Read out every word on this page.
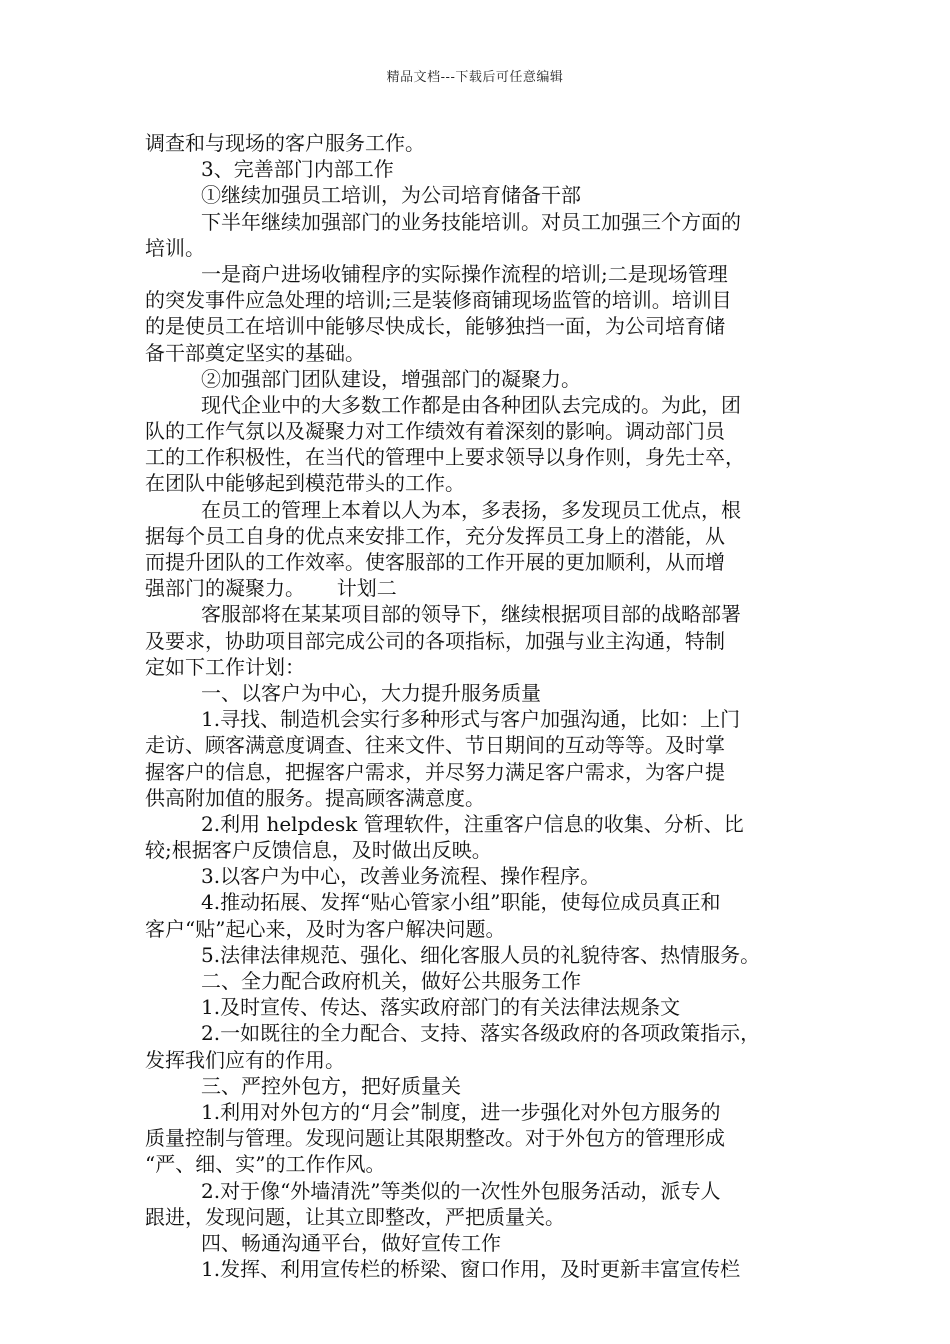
精品文档---下载后可任意编辑
调查和与现场的客户服务工作。
3、完善部门内部工作
①继续加强员工培训，为公司培育储备干部
下半年继续加强部门的业务技能培训。对员工加强三个方面的
培训。
一是商户进场收铺程序的实际操作流程的培训;二是现场管理
的突发事件应急处理的培训;三是装修商铺现场监管的培训。培训目
的是使员工在培训中能够尽快成长，能够独挡一面，为公司培育储
备干部奠定坚实的基础。
②加强部门团队建设，增强部门的凝聚力。
现代企业中的大多数工作都是由各种团队去完成的。为此，团
队的工作气氛以及凝聚力对工作绩效有着深刻的影响。调动部门员
工的工作积极性，在当代的管理中上要求领导以身作则，身先士卒，
在团队中能够起到模范带头的工作。
在员工的管理上本着以人为本，多表扬，多发现员工优点，根
据每个员工自身的优点来安排工作，充分发挥员工身上的潜能，从
而提升团队的工作效率。使客服部的工作开展的更加顺利，从而增
强部门的凝聚力。     计划二
客服部将在某某项目部的领导下，继续根据项目部的战略部署
及要求，协助项目部完成公司的各项指标，加强与业主沟通，特制
定如下工作计划：
一、以客户为中心，大力提升服务质量
1.寻找、制造机会实行多种形式与客户加强沟通，比如：上门
走访、顾客满意度调查、往来文件、节日期间的互动等等。及时掌
握客户的信息，把握客户需求，并尽努力满足客户需求，为客户提
供高附加值的服务。提高顾客满意度。
2.利用 helpdesk 管理软件，注重客户信息的收集、分析、比
较;根据客户反馈信息，及时做出反映。
3.以客户为中心，改善业务流程、操作程序。
4.推动拓展、发挥“贴心管家小组”职能，使每位成员真正和
客户“贴”起心来，及时为客户解决问题。
5.法律法律规范、强化、细化客服人员的礼貌待客、热情服务。
二、全力配合政府机关，做好公共服务工作
1.及时宣传、传达、落实政府部门的有关法律法规条文
2.一如既往的全力配合、支持、落实各级政府的各项政策指示，
发挥我们应有的作用。
三、严控外包方，把好质量关
1.利用对外包方的“月会”制度，进一步强化对外包方服务的
质量控制与管理。发现问题让其限期整改。对于外包方的管理形成
“严、细、实”的工作作风。
2.对于像“外墙清洗”等类似的一次性外包服务活动，派专人
跟进，发现问题，让其立即整改，严把质量关。
四、畅通沟通平台，做好宣传工作
1.发挥、利用宣传栏的桥梁、窗口作用，及时更新丰富宣传栏
